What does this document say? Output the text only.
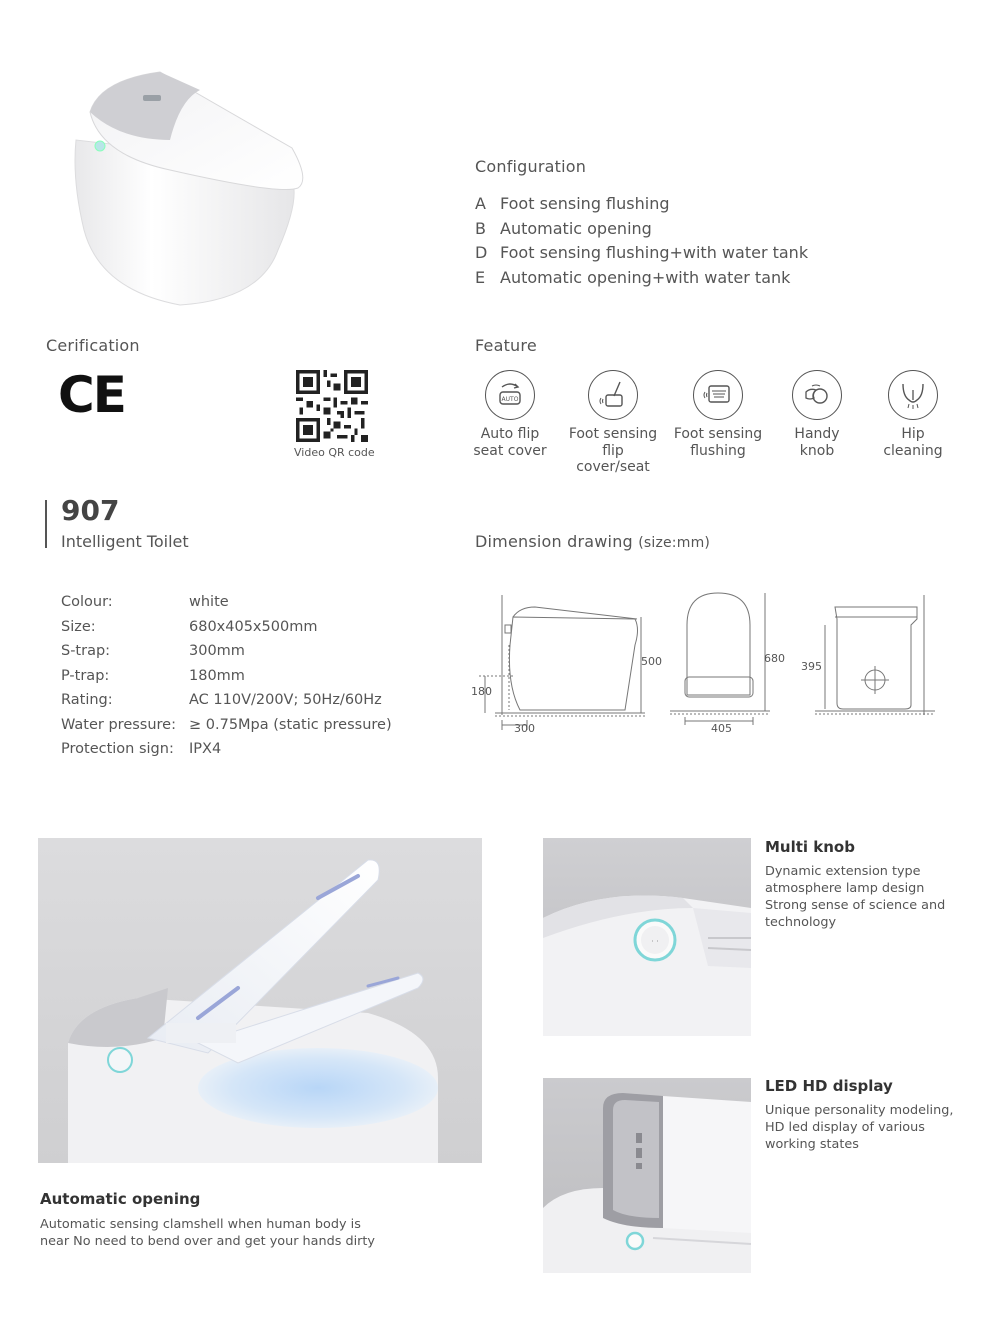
Configuration
A Foot sensing flushing
B Automatic opening
D Foot sensing flushing+with water tank
E Automatic opening+with water tank
Cerification
CE
Video QR code
Feature
AUTO
Auto flip
seat cover
Foot sensing
flip cover/seat
Foot sensing
flushing
Handy
knob
Hip
cleaning
907
Intelligent Toilet
Colour:	white
Size:	680x405x500mm
S-trap:	300mm
P-trap:	180mm
Rating:	AC 110V/200V; 50Hz/60Hz
Water pressure: ≥ 0.75Mpa (static pressure)
Protection sign:	IPX4
Dimension drawing (size:mm)
500
180
300
680
405
395
Automatic opening
Automatic sensing clamshell when human body is
near No need to bend over and get your hands dirty
· ·
Multi knob
Dynamic extension type
atmosphere lamp design
Strong sense of science and
technology
LED HD display
Unique personality modeling,
HD led display of various
working states
